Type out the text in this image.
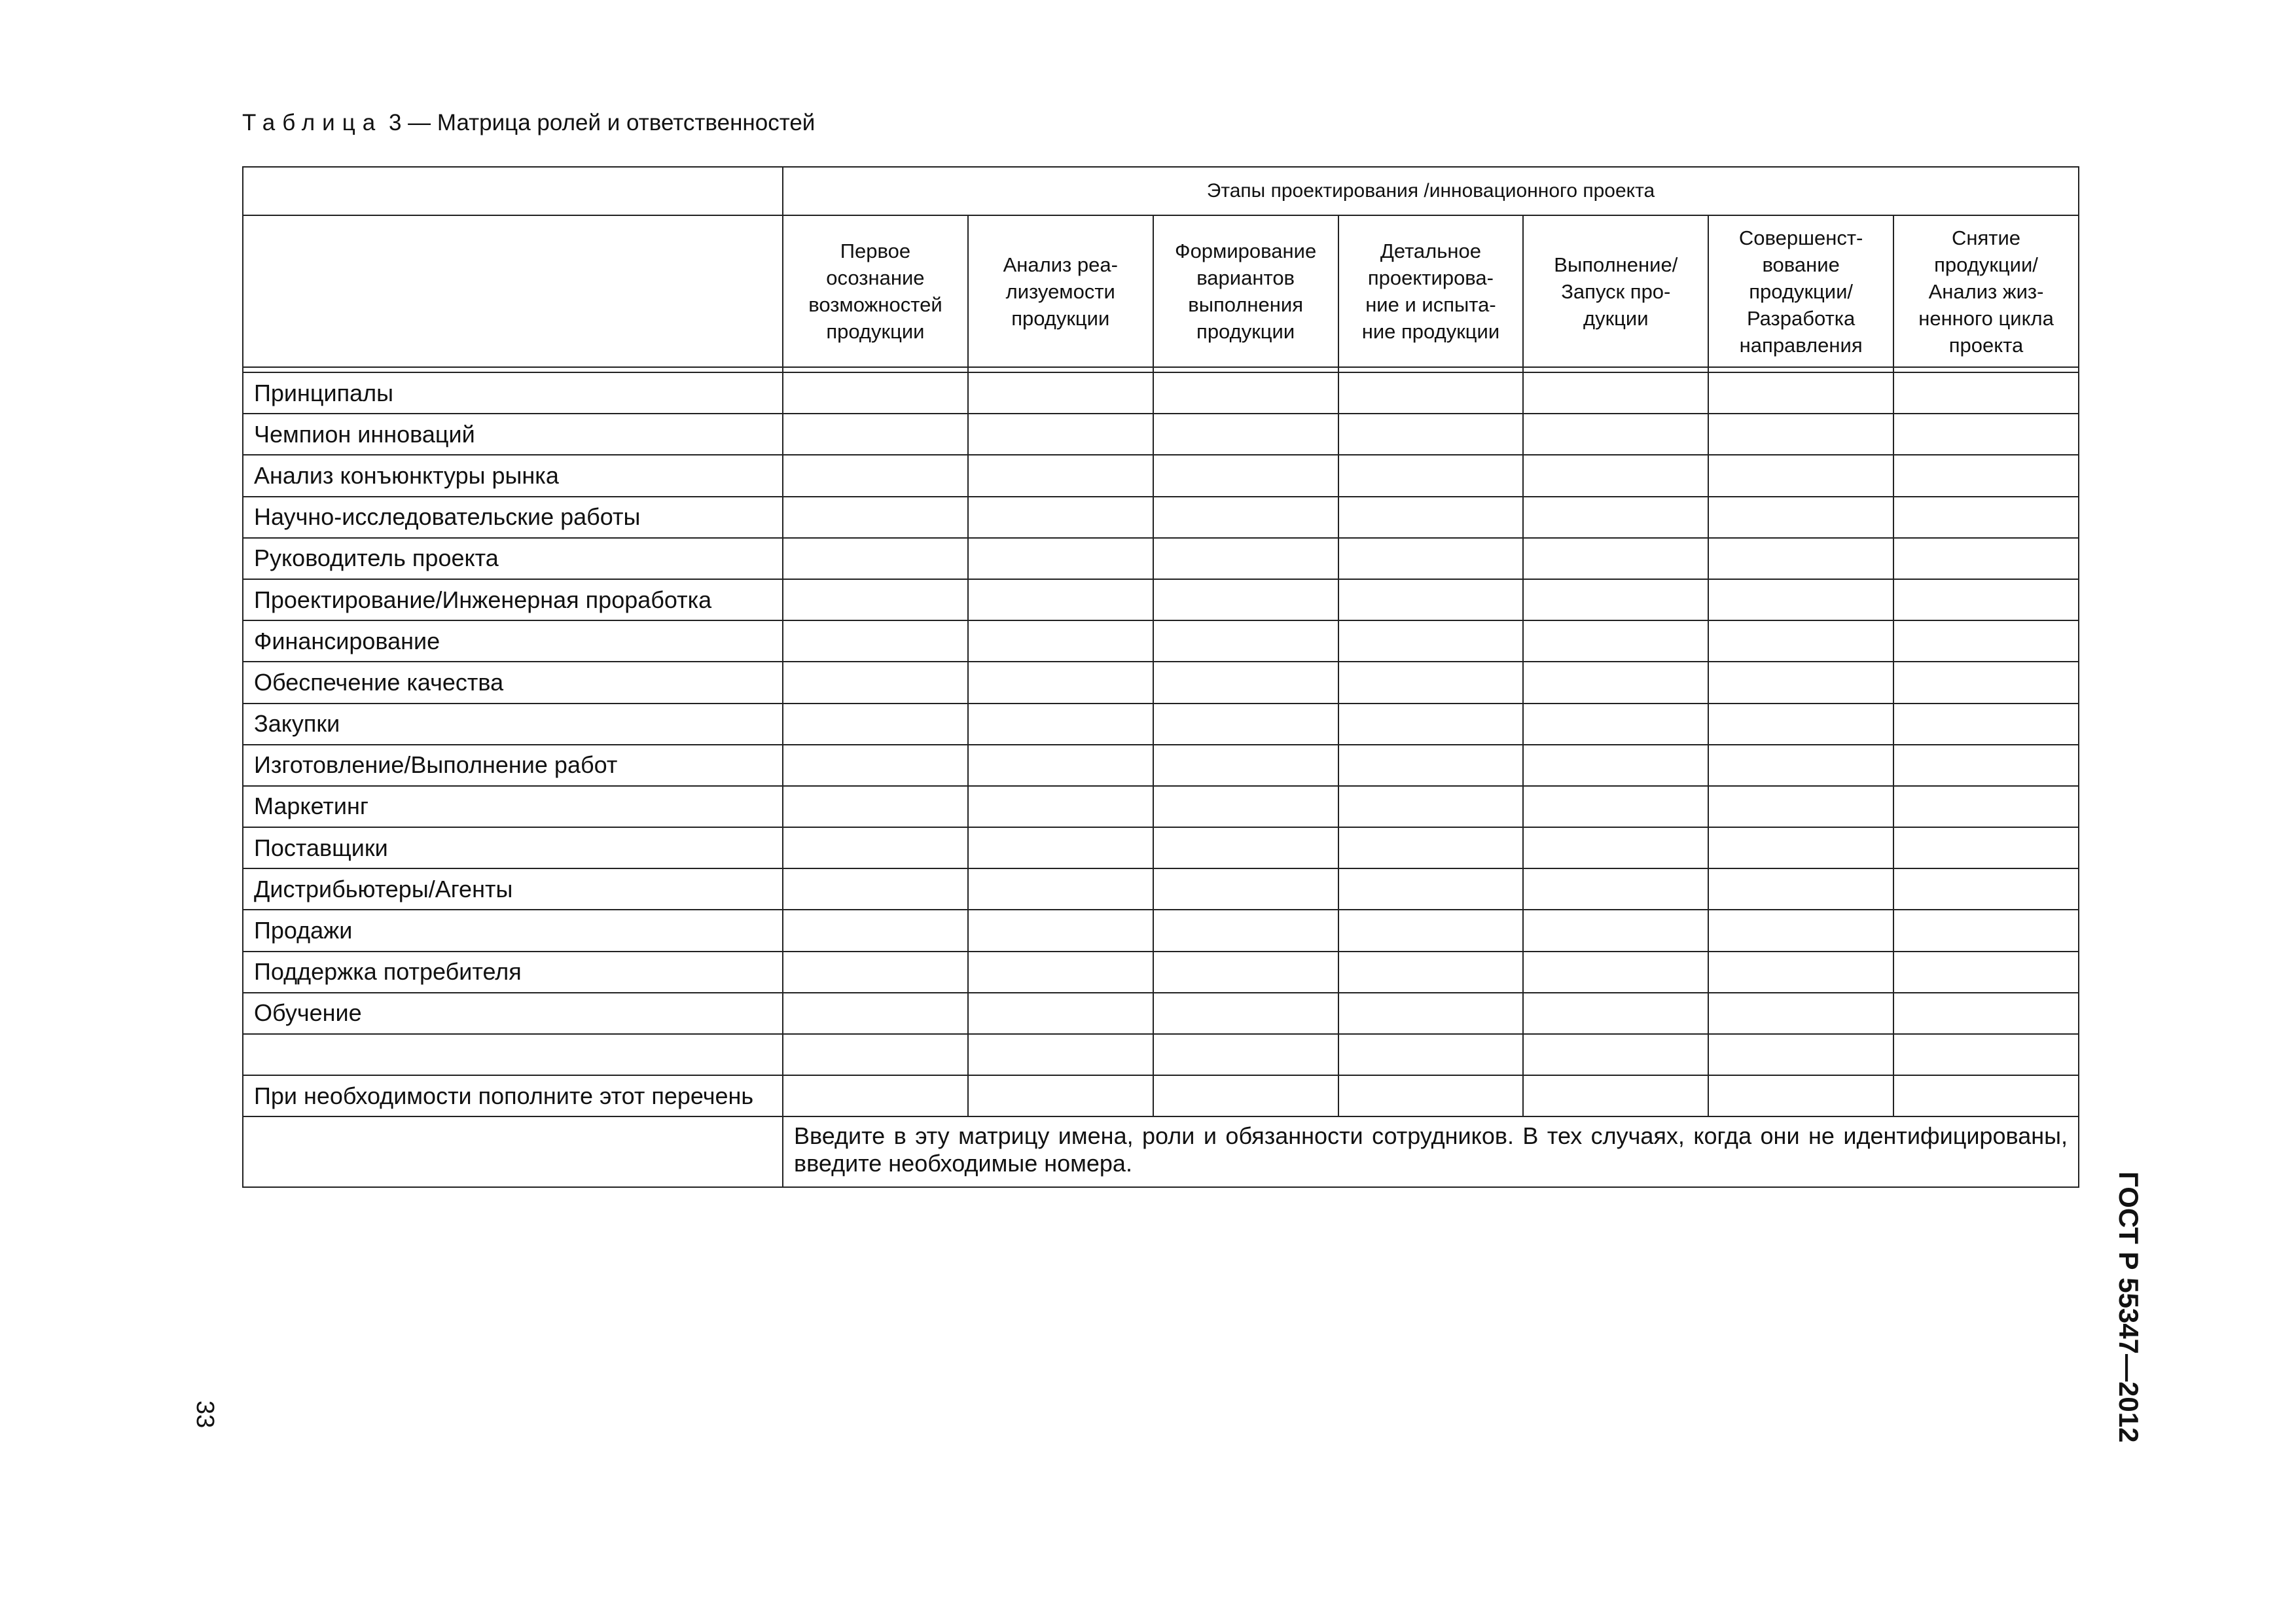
Таблица 3 — Матрица ролей и ответственностей
	Этапы проектирования /инновационного проекта						
	Первое
осознание
возможностей
продукции	Анализ реа-
лизуемости
продукции	Формирование
вариантов
выполнения
продукции	Детальное
проектирова-
ние и испыта-
ние продукции	Выполнение/
Запуск про-
дукции	Совершенст-
вование
продукции/
Разработка
направления	Снятие
продукции/
Анализ жиз-
ненного цикла
проекта

Принципалы							
Чемпион инноваций							
Анализ конъюнктуры рынка							
Научно-исследовательские работы							
Руководитель проекта							
Проектирование/Инженерная проработка							
Финансирование							
Обеспечение качества							
Закупки							
Изготовление/Выполнение работ							
Маркетинг							
Поставщики							
Дистрибьютеры/Агенты							
Продажи							
Поддержка потребителя							
Обучение							

При необходимости пополните этот перечень							
	Введите в эту матрицу имена, роли и обязанности сотрудников. В тех случаях, когда они не идентифицированы, введите необходимые номера.						
ГОСТ Р 55347—2012
33
